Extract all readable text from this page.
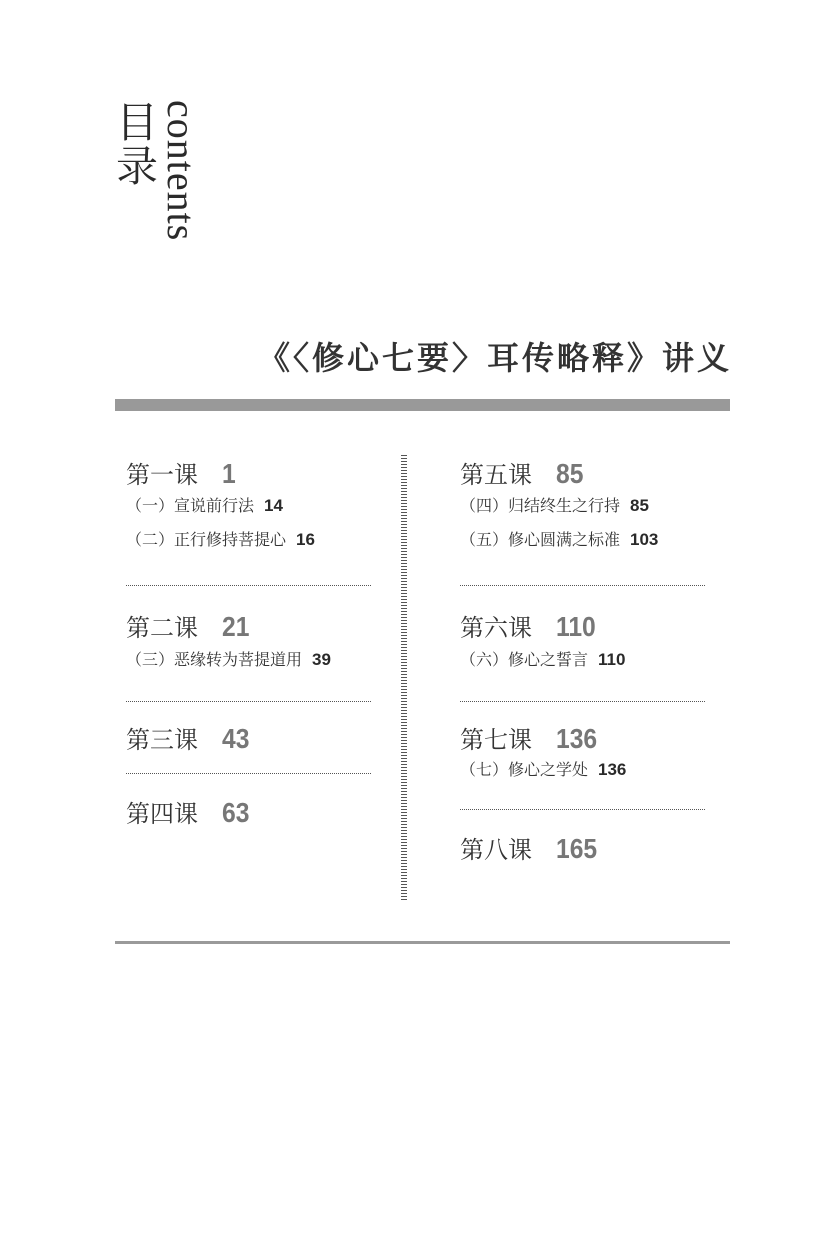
目录 contents
《〈修心七要〉耳传略释》讲义
第一课 1
（一）宣说前行法 14
（二）正行修持菩提心 16
第二课 21
（三）恶缘转为菩提道用 39
第三课 43
第四课 63
第五课 85
（四）归结终生之行持 85
（五）修心圆满之标准 103
第六课 110
（六）修心之誓言 110
第七课 136
（七）修心之学处 136
第八课 165
